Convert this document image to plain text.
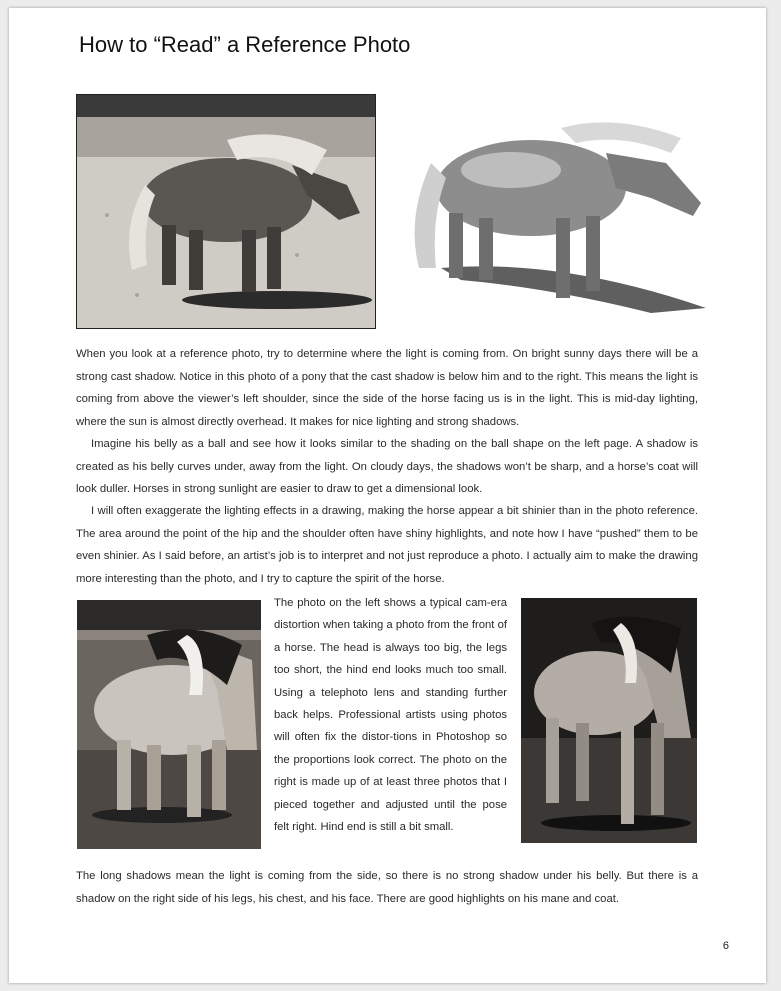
How to “Read” a Reference Photo

When you look at a reference photo, try to determine where the light is coming from. On bright sunny days there will be a strong cast shadow. Notice in this photo of a pony that the cast shadow is below him and to the right. This means the light is coming from above the viewer’s left shoulder, since the side of the horse facing us is in the light. This is mid-day lighting, where the sun is almost directly overhead. It makes for nice lighting and strong shadows.

Imagine his belly as a ball and see how it looks similar to the shading on the ball shape on the left page. A shadow is created as his belly curves under, away from the light. On cloudy days, the shadows won’t be sharp, and a horse’s coat will look duller. Horses in strong sunlight are easier to draw to get a dimensional look.

I will often exaggerate the lighting effects in a drawing, making the horse appear a bit shinier than in the photo reference. The area around the point of the hip and the shoulder often have shiny highlights, and note how I have “pushed” them to be even shinier. As I said before, an artist’s job is to interpret and not just reproduce a photo. I actually aim to make the drawing more interesting than the photo, and I try to capture the spirit of the horse.

The photo on the left shows a typical cam-era distortion when taking a photo from the front of a horse. The head is always too big, the legs too short, the hind end looks much too small. Using a telephoto lens and standing further back helps. Professional artists using photos will often fix the distor-tions in Photoshop so the proportions look correct. The photo on the right is made up of at least three photos that I pieced together and adjusted until the pose felt right. Hind end is still a bit small.

The long shadows mean the light is coming from the side, so there is no strong shadow under his belly. But there is a shadow on the right side of his legs, his chest, and his face. There are good highlights on his mane and coat.

6
